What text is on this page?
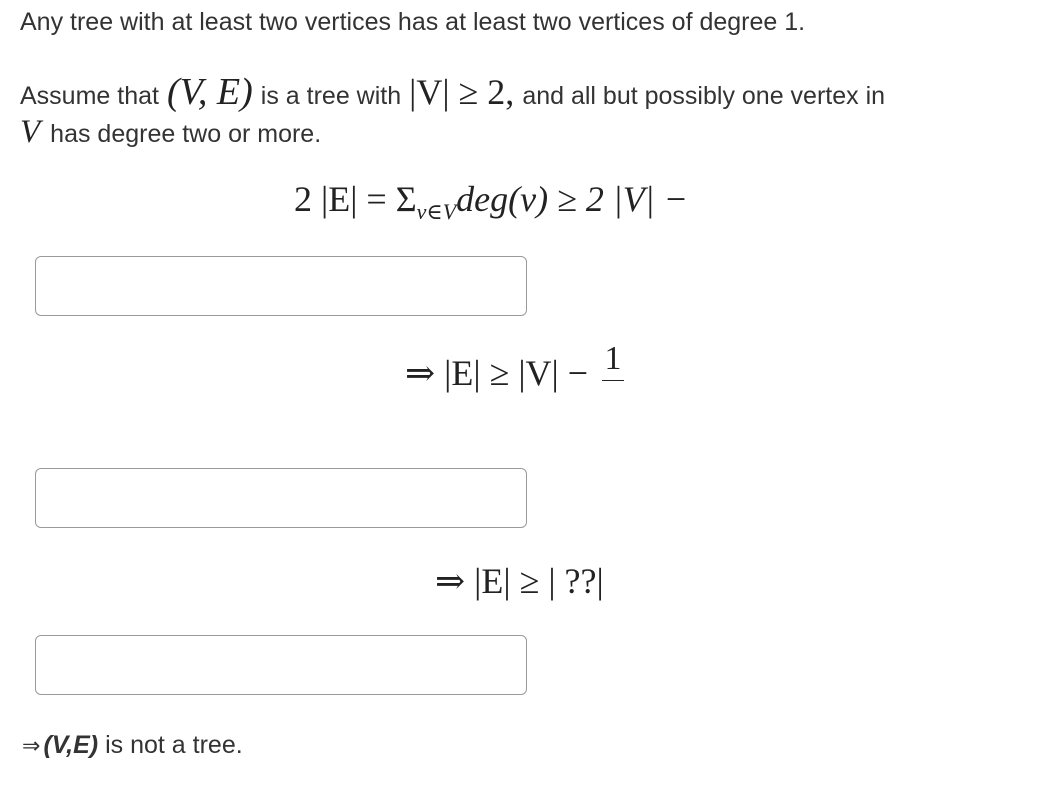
Any tree with at least two vertices has at least two vertices of degree 1.
Assume that (V, E) is a tree with |V| ≥ 2, and all but possibly one vertex in
V has degree two or more.
2 $|E| = \Sigma_{v\in V}deg(v) \ge 2$ |V| −
⇒ |E| ≥ |V| − 1
⇒ |E| ≥ | ??|
⇒ (V,E) is not a tree.
